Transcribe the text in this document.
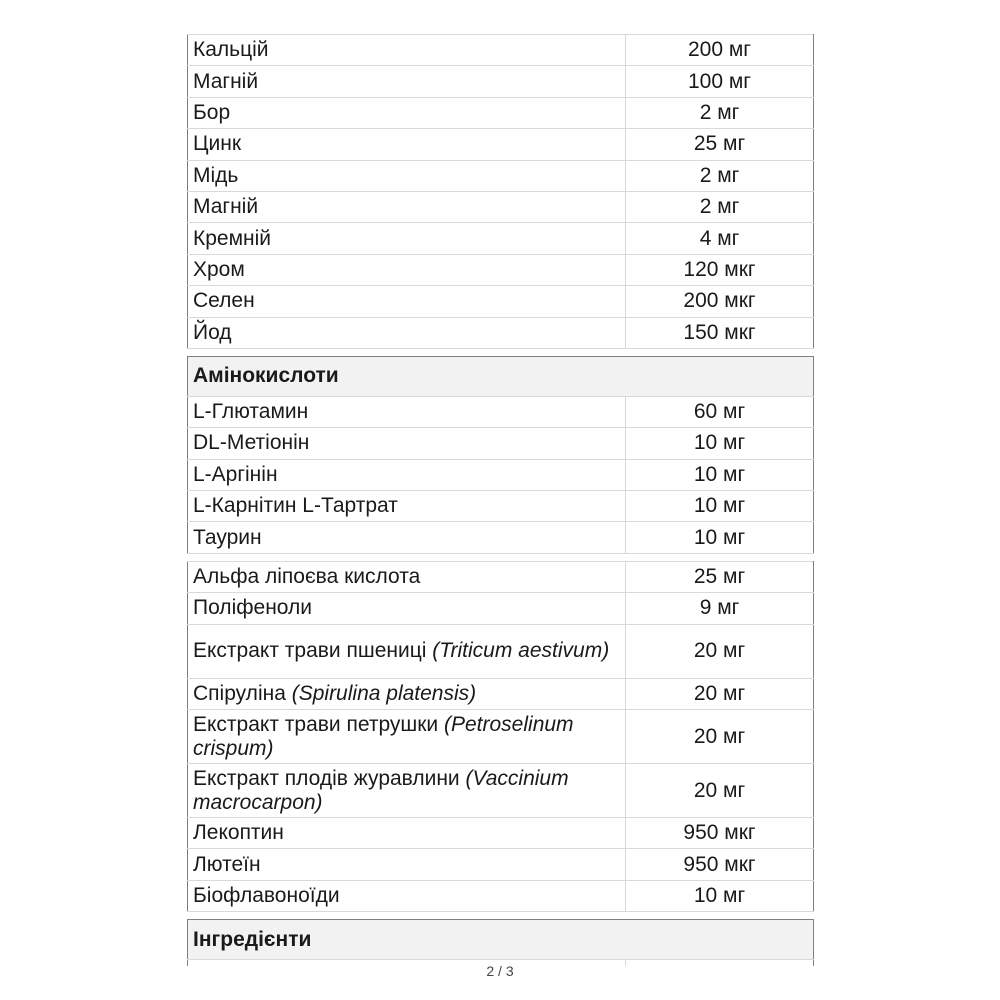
Кальцій	200 мг
Магній	100 мг
Бор	2 мг
Цинк	25 мг
Мідь	2 мг
Магній	2 мг
Кремній	4 мг
Хром	120 мкг
Селен	200 мкг
Йод	150 мкг
Амінокислоти	
L-Глютамин	60 мг
DL-Метіонін	10 мг
L-Аргінін	10 мг
L-Карнітин L-Тартрат	10 мг
Таурин	10 мг
Альфа ліпоєва кислота	25 мг
Поліфеноли	9 мг
Екстракт трави пшениці (Triticum aestivum)	20 мг
Спіруліна (Spirulina platensis)	20 мг
Екстракт трави петрушки (Petroselinum crispum)	20 мг
Екстракт плодів журавлини (Vaccinium macrocarpon)	20 мг
Лекоптин	950 мкг
Лютеїн	950 мкг
Біофлавоноїди	10 мг
Інгредієнти

2 / 3
